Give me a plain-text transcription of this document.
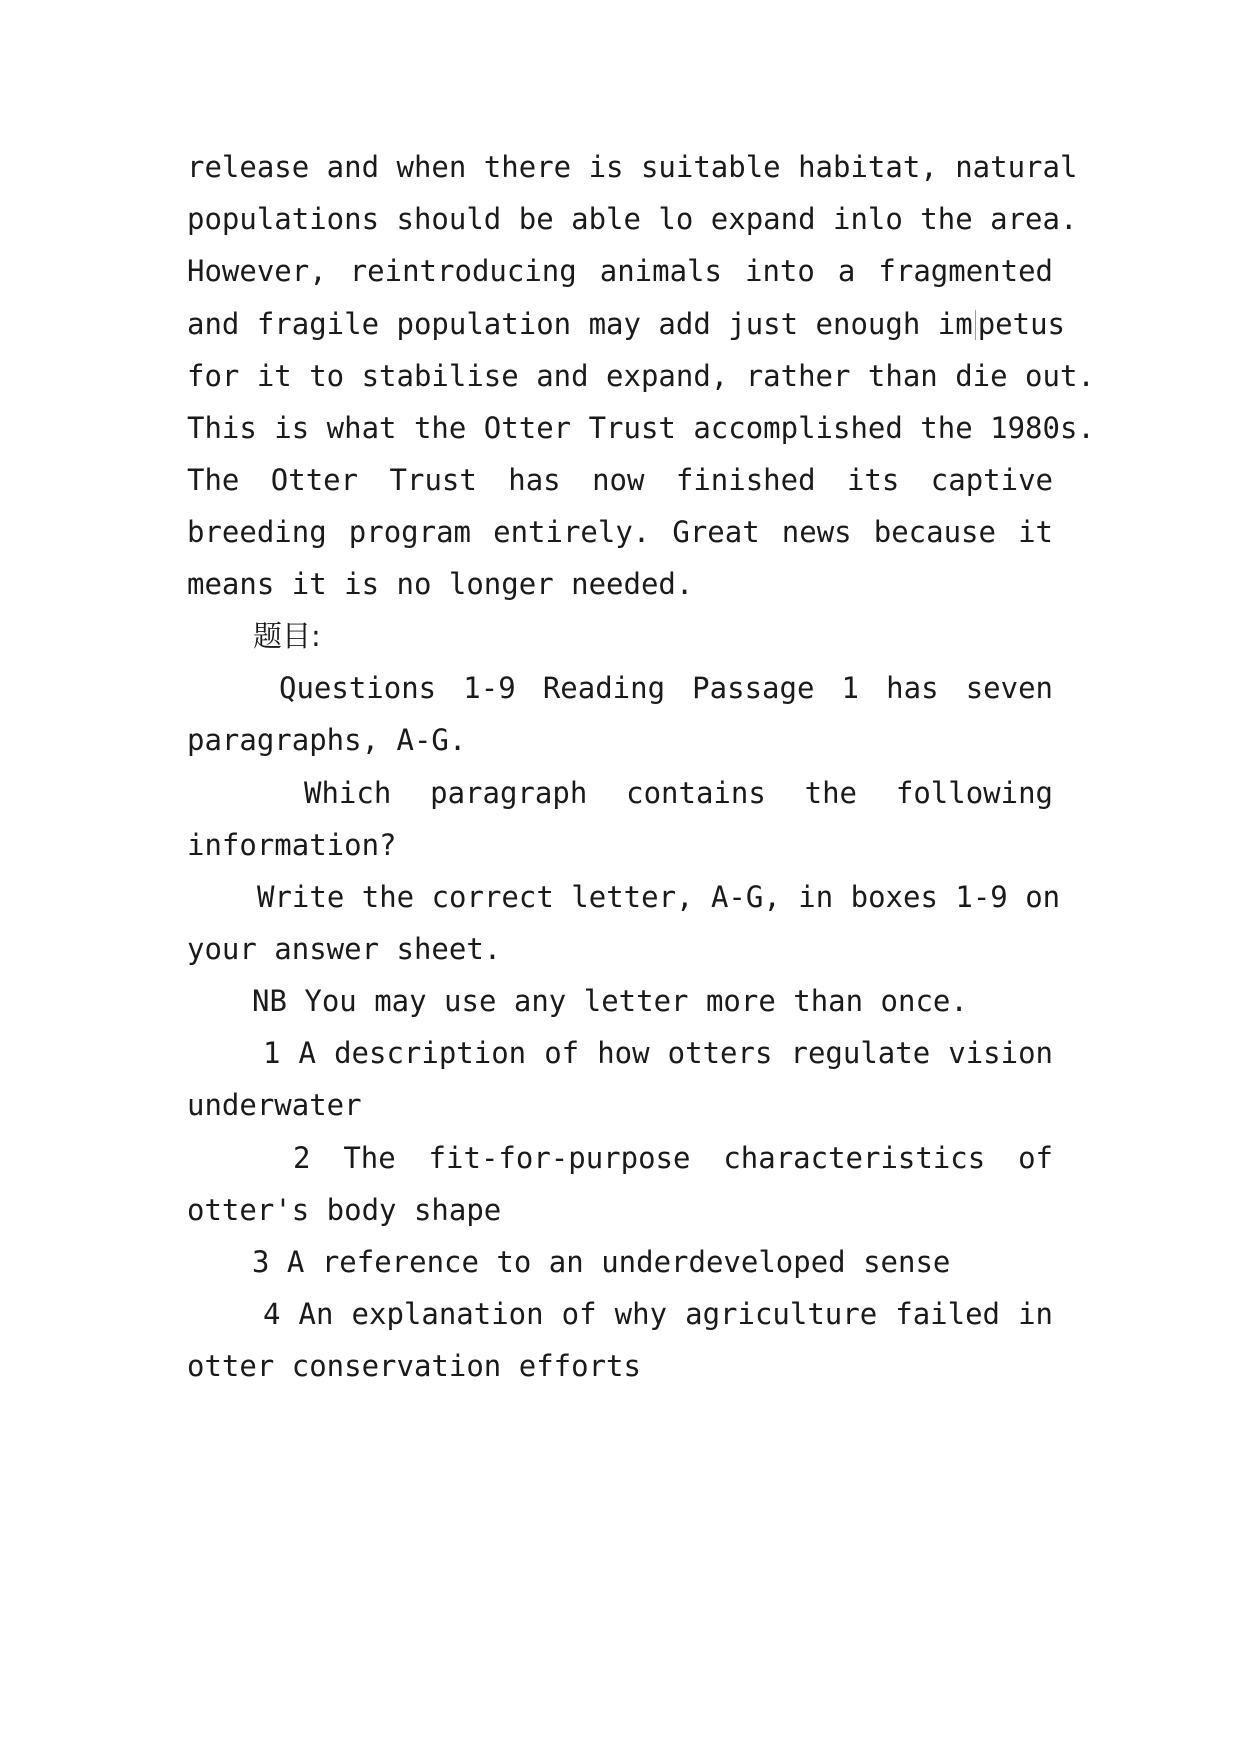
release and when there is suitable habitat, natural
populations should be able lo expand inlo the area.
However, reintroducing animals into a fragmented
and fragile population may add just enough im petus
for it to stabilise and expand, rather than die out.
This is what the Otter Trust accomplished the 1980s.
The Otter Trust has now finished its captive
breeding program entirely. Great news because it
means it is no longer needed.
题目:
Questions 1-9 Reading Passage 1 has seven
paragraphs, A-G.
Which paragraph contains the following
information?
Write the correct letter, A-G, in boxes 1-9 on
your answer sheet.
NB You may use any letter more than once.
1 A description of how otters regulate vision
underwater
2 The fit-for-purpose characteristics of
otter's body shape
3 A reference to an underdeveloped sense
4 An explanation of why agriculture failed in
otter conservation efforts
